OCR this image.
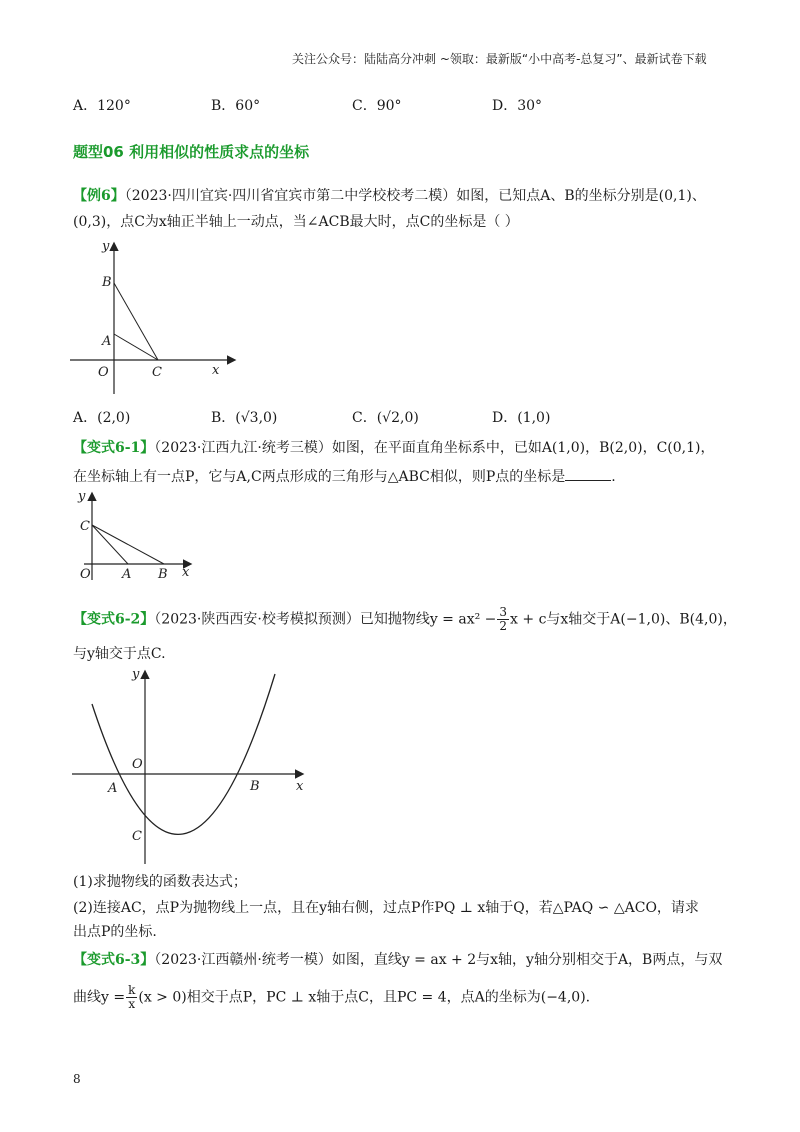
关注公众号：陆陆高分冲刺 ~领取：最新版“小中高考-总复习”、最新试卷下载
A．120°	B．60°	C．90°	D．30°
题型06 利用相似的性质求点的坐标
【例6】（2023·四川宜宾·四川省宜宾市第二中学校校考二模）如图，已知点A、B的坐标分别是(0,1)、
(0,3)，点C为x轴正半轴上一动点，当∠ACB最大时，点C的坐标是（ ）
y
B
A
O	C	x
A．(2,0)	B．(√3,0)	C．(√2,0)	D．(1,0)
【变式6-1】（2023·江西九江·统考三模）如图，在平面直角坐标系中，已如A(1,0)，B(2,0)，C(0,1)，
在坐标轴上有一点P，它与A,C两点形成的三角形与△ABC相似，则P点的坐标是	.
y
C
O A B x
【变式6-2】（2023·陕西西安·校考模拟预测）已知抛物线$y = ax^2 - \frac{3}{2}$ x + c与x轴交于A(−1,0)、B(4,0)，
与y轴交于点C.
y
O
A	B
C
x
(1)求抛物线的函数表达式；
(2)连接AC，点P为抛物线上一点，且在y轴右侧，过点P作PQ ⊥ x轴于Q，若△PAQ ∽ △ACO，请求
出点P的坐标.
【变式6-3】（2023·江西赣州·统考一模）如图，直线y = ax + 2与x轴，y轴分别相交于A，B两点，与双
曲线$y = \frac{k}{x} (x > 0)$相交于点P，PC ⊥ x轴于点C，且PC = 4，点A的坐标为(−4,0).
8
